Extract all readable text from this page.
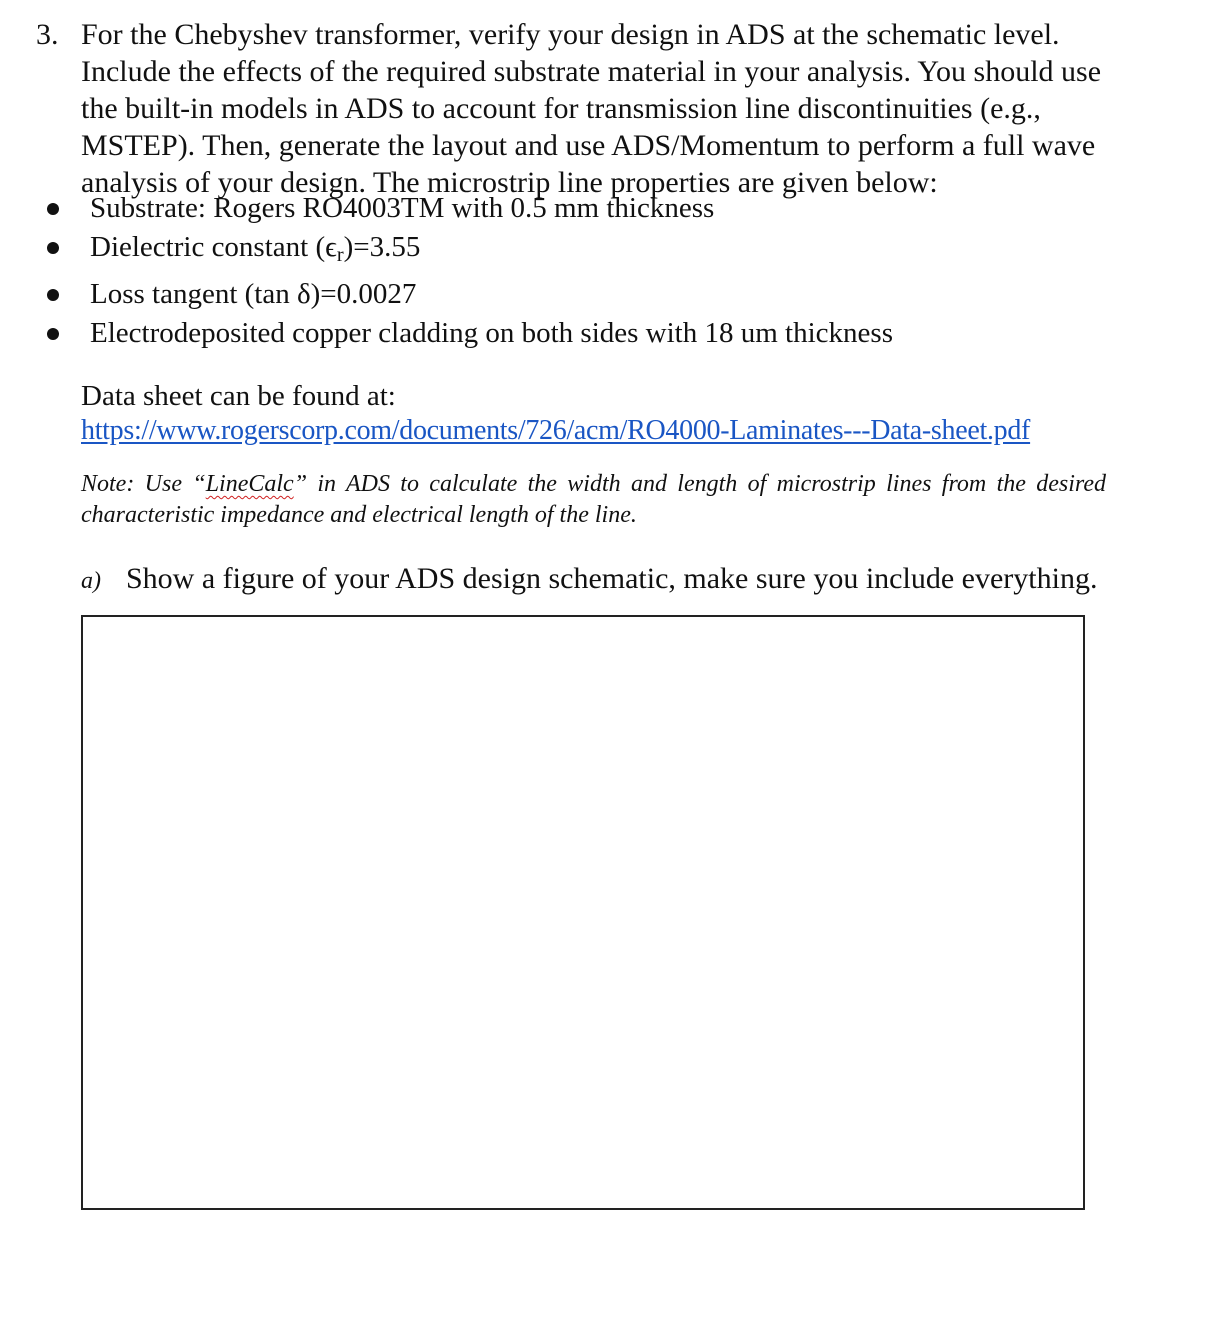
3. For the Chebyshev transformer, verify your design in ADS at the schematic level.

Include the effects of the required substrate material in your analysis. You should use

the built-in models in ADS to account for transmission line discontinuities (e.g.,

MSTEP). Then, generate the layout and use ADS/Momentum to perform a full wave

analysis of your design. The microstrip line properties are given below:

Substrate: Rogers RO4003TM with 0.5 mm thickness
Dielectric constant (ϵr)=3.55
Loss tangent (tan δ)=0.0027
Electrodeposited copper cladding on both sides with 18 um thickness
Data sheet can be found at:
https://www.rogerscorp.com/documents/726/acm/RO4000-Laminates---Data-sheet.pdf
Note: Use “LineCalc” in ADS to calculate the width and length of microstrip lines from the desired characteristic impedance and electrical length of the line.
a) Show a figure of your ADS design schematic, make sure you include everything.
